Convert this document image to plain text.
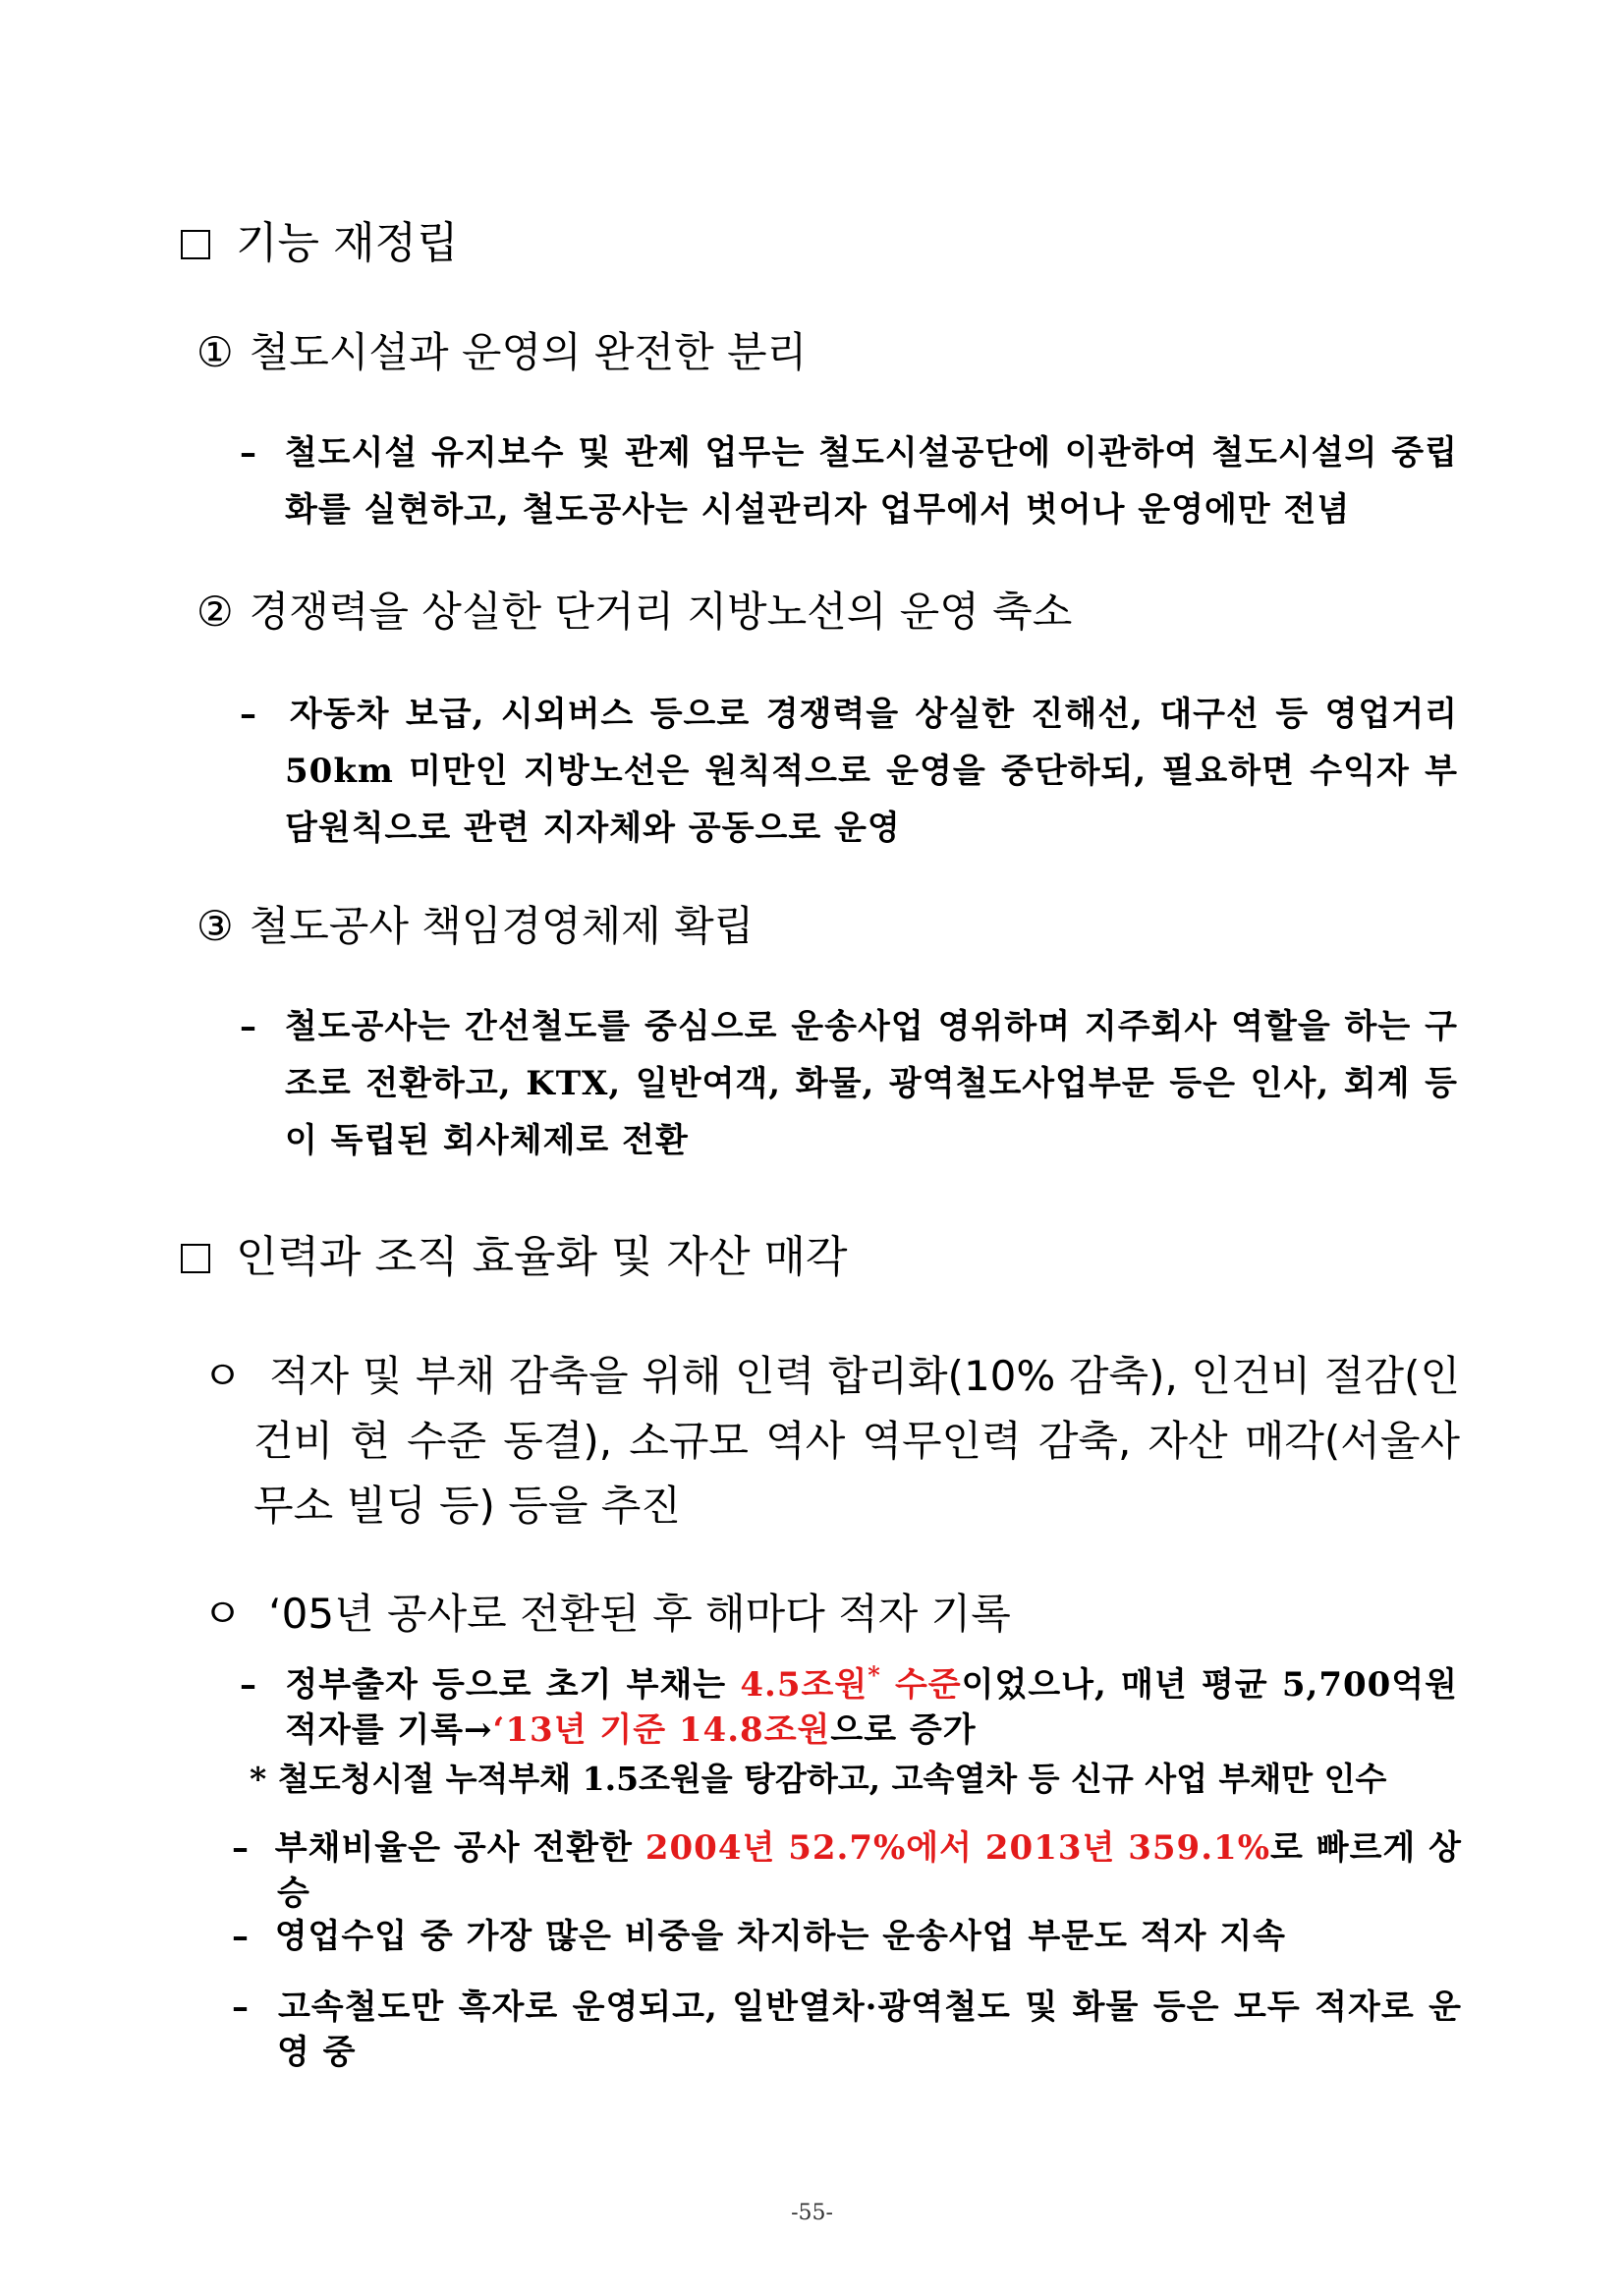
기능 재정립
① 철도시설과 운영의 완전한 분리
– 철도시설 유지보수 및 관제 업무는 철도시설공단에 이관하여 철도시설의 중립화를 실현하고, 철도공사는 시설관리자 업무에서 벗어나 운영에만 전념
② 경쟁력을 상실한 단거리 지방노선의 운영 축소
– 자동차 보급, 시외버스 등으로 경쟁력을 상실한 진해선, 대구선 등 영업거리 50km 미만인 지방노선은 원칙적으로 운영을 중단하되, 필요하면 수익자 부담원칙으로 관련 지자체와 공동으로 운영
③ 철도공사 책임경영체제 확립
– 철도공사는 간선철도를 중심으로 운송사업 영위하며 지주회사 역할을 하는 구조로 전환하고, KTX, 일반여객, 화물, 광역철도사업부문 등은 인사, 회계 등이 독립된 회사체제로 전환
인력과 조직 효율화 및 자산 매각
ㅇ 적자 및 부채 감축을 위해 인력 합리화(10% 감축), 인건비 절감(인건비 현 수준 동결), 소규모 역사 역무인력 감축, 자산 매각(서울사무소 빌딩 등) 등을 추진
ㅇ ‘05년 공사로 전환된 후 해마다 적자 기록
– 정부출자 등으로 초기 부채는 4.5조원* 수준이었으나, 매년 평균 5,700억원 적자를 기록→‘13년 기준 14.8조원으로 증가
* 철도청시절 누적부채 1.5조원을 탕감하고, 고속열차 등 신규 사업 부채만 인수
– 부채비율은 공사 전환한 2004년 52.7%에서 2013년 359.1%로 빠르게 상승
– 영업수입 중 가장 많은 비중을 차지하는 운송사업 부문도 적자 지속
– 고속철도만 흑자로 운영되고, 일반열차·광역철도 및 화물 등은 모두 적자로 운영 중
-55-
